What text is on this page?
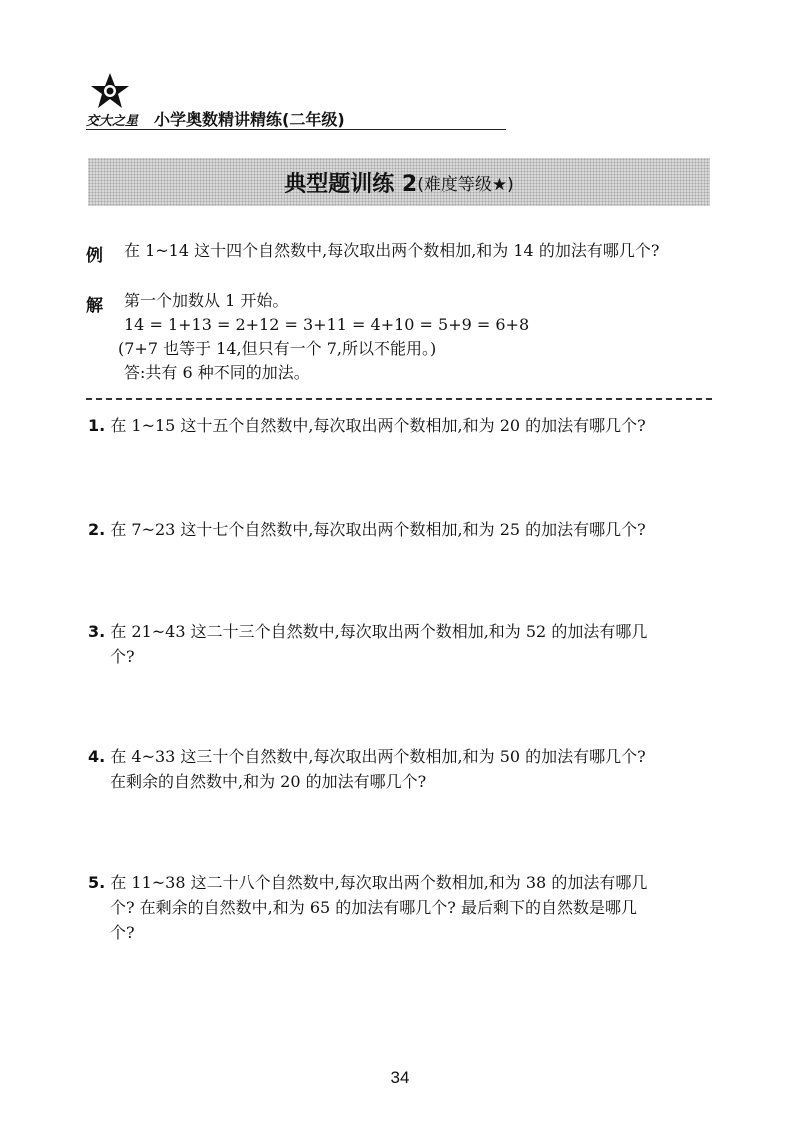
交大之星 小学奥数精讲精练(二年级)
典型题训练 2 (难度等级★)
例 在 1~14 这十四个自然数中,每次取出两个数相加,和为 14 的加法有哪几个?
解 第一个加数从 1 开始。
14 = 1+13 = 2+12 = 3+11 = 4+10 = 5+9 = 6+8
(7+7 也等于 14,但只有一个 7,所以不能用。)
答:共有 6 种不同的加法。
1. 在 1~15 这十五个自然数中,每次取出两个数相加,和为 20 的加法有哪几个?
2. 在 7~23 这十七个自然数中,每次取出两个数相加,和为 25 的加法有哪几个?
3. 在 21~43 这二十三个自然数中,每次取出两个数相加,和为 52 的加法有哪几
个?
4. 在 4~33 这三十个自然数中,每次取出两个数相加,和为 50 的加法有哪几个?
在剩余的自然数中,和为 20 的加法有哪几个?
5. 在 11~38 这二十八个自然数中,每次取出两个数相加,和为 38 的加法有哪几
个? 在剩余的自然数中,和为 65 的加法有哪几个? 最后剩下的自然数是哪几
个?
34
